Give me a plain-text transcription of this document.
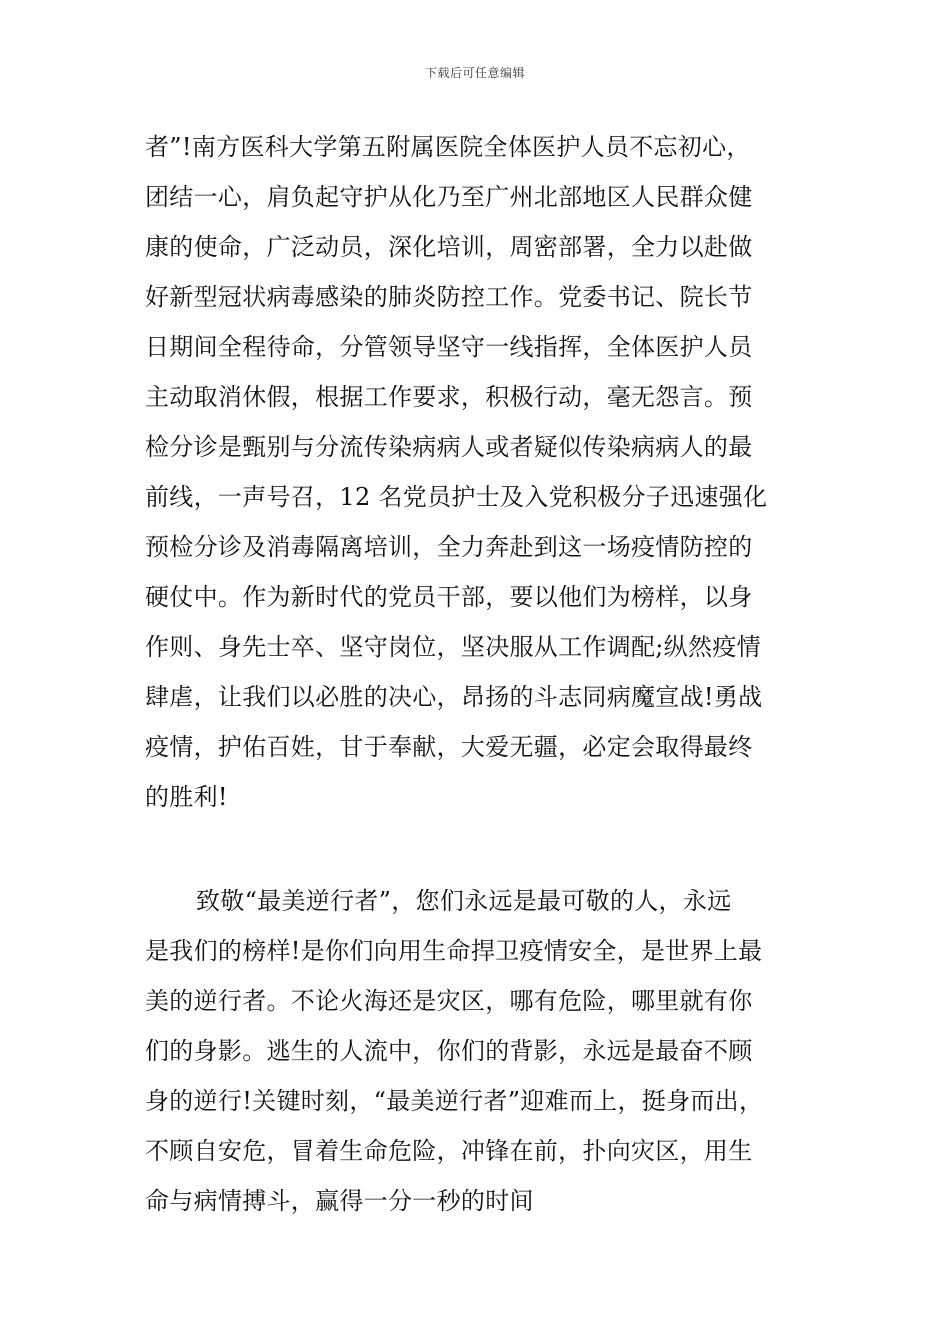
下载后可任意编辑
者”!南方医科大学第五附属医院全体医护人员不忘初心，
团结一心，肩负起守护从化乃至广州北部地区人民群众健
康的使命，广泛动员，深化培训，周密部署，全力以赴做
好新型冠状病毒感染的肺炎防控工作。党委书记、院长节
日期间全程待命，分管领导坚守一线指挥，全体医护人员
主动取消休假，根据工作要求，积极行动，毫无怨言。预
检分诊是甄别与分流传染病病人或者疑似传染病病人的最
前线，一声号召，12 名党员护士及入党积极分子迅速强化
预检分诊及消毒隔离培训，全力奔赴到这一场疫情防控的
硬仗中。作为新时代的党员干部，要以他们为榜样，以身
作则、身先士卒、坚守岗位，坚决服从工作调配;纵然疫情
肆虐，让我们以必胜的决心，昂扬的斗志同病魔宣战!勇战
疫情，护佑百姓，甘于奉献，大爱无疆，必定会取得最终
的胜利!
致敬“最美逆行者”，您们永远是最可敬的人，永远
是我们的榜样!是你们向用生命捍卫疫情安全，是世界上最
美的逆行者。不论火海还是灾区，哪有危险，哪里就有你
们的身影。逃生的人流中，你们的背影，永远是最奋不顾
身的逆行!关键时刻，“最美逆行者”迎难而上，挺身而出，
不顾自安危，冒着生命危险，冲锋在前，扑向灾区，用生
命与病情搏斗，赢得一分一秒的时间
